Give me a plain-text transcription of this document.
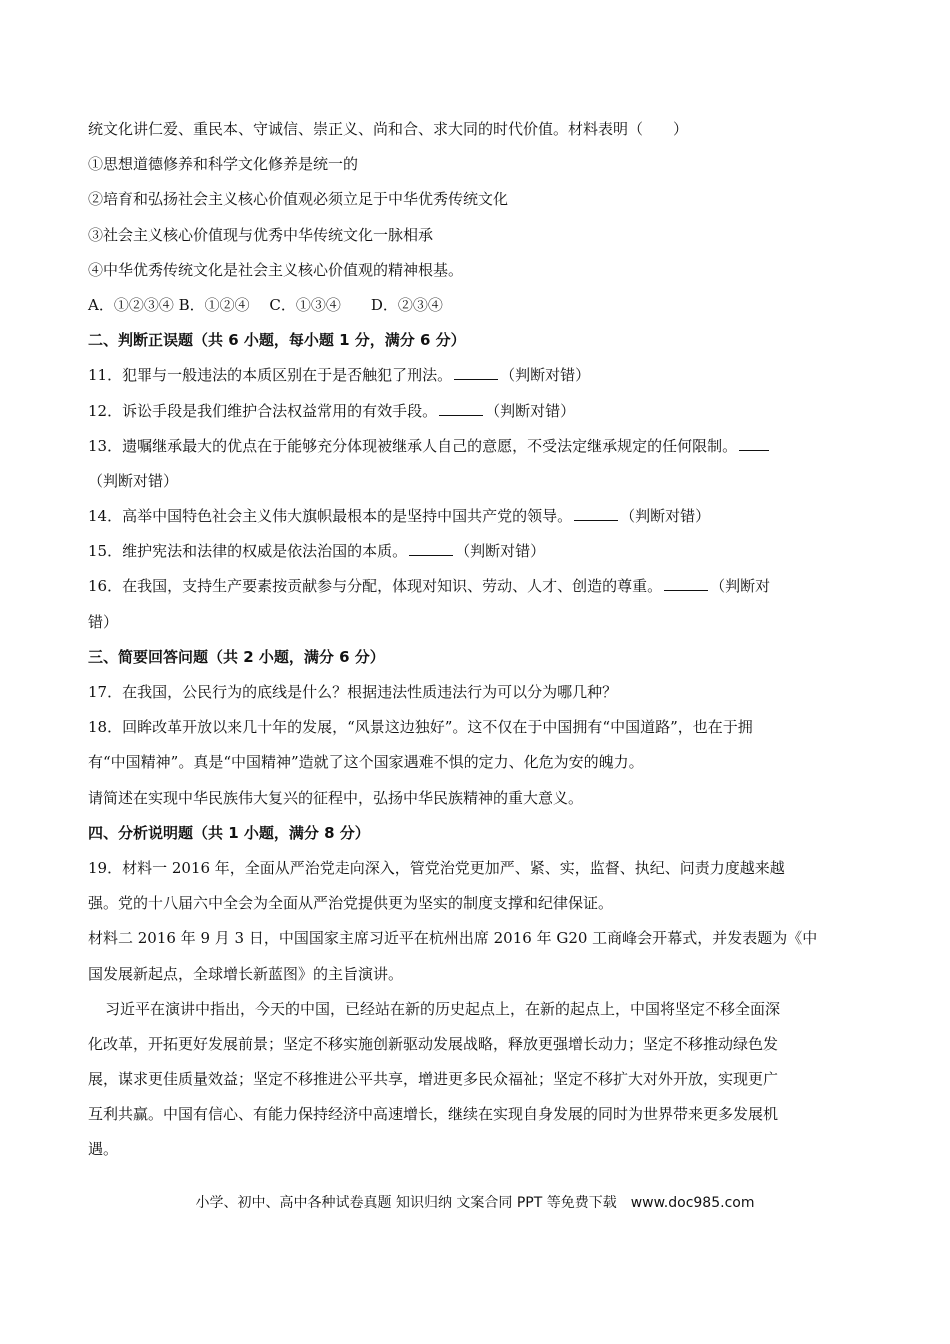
统文化讲仁爱、重民本、守诚信、崇正义、尚和合、求大同的时代价值。材料表明（　　）
①思想道德修养和科学文化修养是统一的
②培育和弘扬社会主义核心价值观必须立足于中华优秀传统文化
③社会主义核心价值现与优秀中华传统文化一脉相承
④中华优秀传统文化是社会主义核心价值观的精神根基。
A．①②③④ B．①②④　 C．①③④　　D．②③④
二、判断正误题（共 6 小题，每小题 1 分，满分 6 分）
11．犯罪与一般违法的本质区别在于是否触犯了刑法。	（判断对错）
12．诉讼手段是我们维护合法权益常用的有效手段。	（判断对错）
13．遗嘱继承最大的优点在于能够充分体现被继承人自己的意愿，不受法定继承规定的任何限制。
（判断对错）
14．高举中国特色社会主义伟大旗帜最根本的是坚持中国共产党的领导。	（判断对错）
15．维护宪法和法律的权威是依法治国的本质。	（判断对错）
16．在我国，支持生产要素按贡献参与分配，体现对知识、劳动、人才、创造的尊重。	（判断对
错）
三、简要回答问题（共 2 小题，满分 6 分）
17．在我国，公民行为的底线是什么？根据违法性质违法行为可以分为哪几种？
18．回眸改革开放以来几十年的发展，“风景这边独好”。这不仅在于中国拥有“中国道路”，也在于拥
有“中国精神”。真是“中国精神”造就了这个国家遇难不惧的定力、化危为安的魄力。
请简述在实现中华民族伟大复兴的征程中，弘扬中华民族精神的重大意义。
四、分析说明题（共 1 小题，满分 8 分）
19．材料一 2016 年，全面从严治党走向深入，管党治党更加严、紧、实，监督、执纪、问责力度越来越
强。党的十八届六中全会为全面从严治党提供更为坚实的制度支撑和纪律保证。
材料二 2016 年 9 月 3 日，中国国家主席习近平在杭州出席 2016 年 G20 工商峰会开幕式，并发表题为《中
国发展新起点，全球增长新蓝图》的主旨演讲。
习近平在演讲中指出，今天的中国，已经站在新的历史起点上，在新的起点上，中国将坚定不移全面深
化改革，开拓更好发展前景；坚定不移实施创新驱动发展战略，释放更强增长动力；坚定不移推动绿色发
展，谋求更佳质量效益；坚定不移推进公平共享，增进更多民众福祉；坚定不移扩大对外开放，实现更广
互利共赢。中国有信心、有能力保持经济中高速增长，继续在实现自身发展的同时为世界带来更多发展机
遇。
小学、初中、高中各种试卷真题 知识归纳 文案合同 PPT 等免费下载　www.doc985.com
